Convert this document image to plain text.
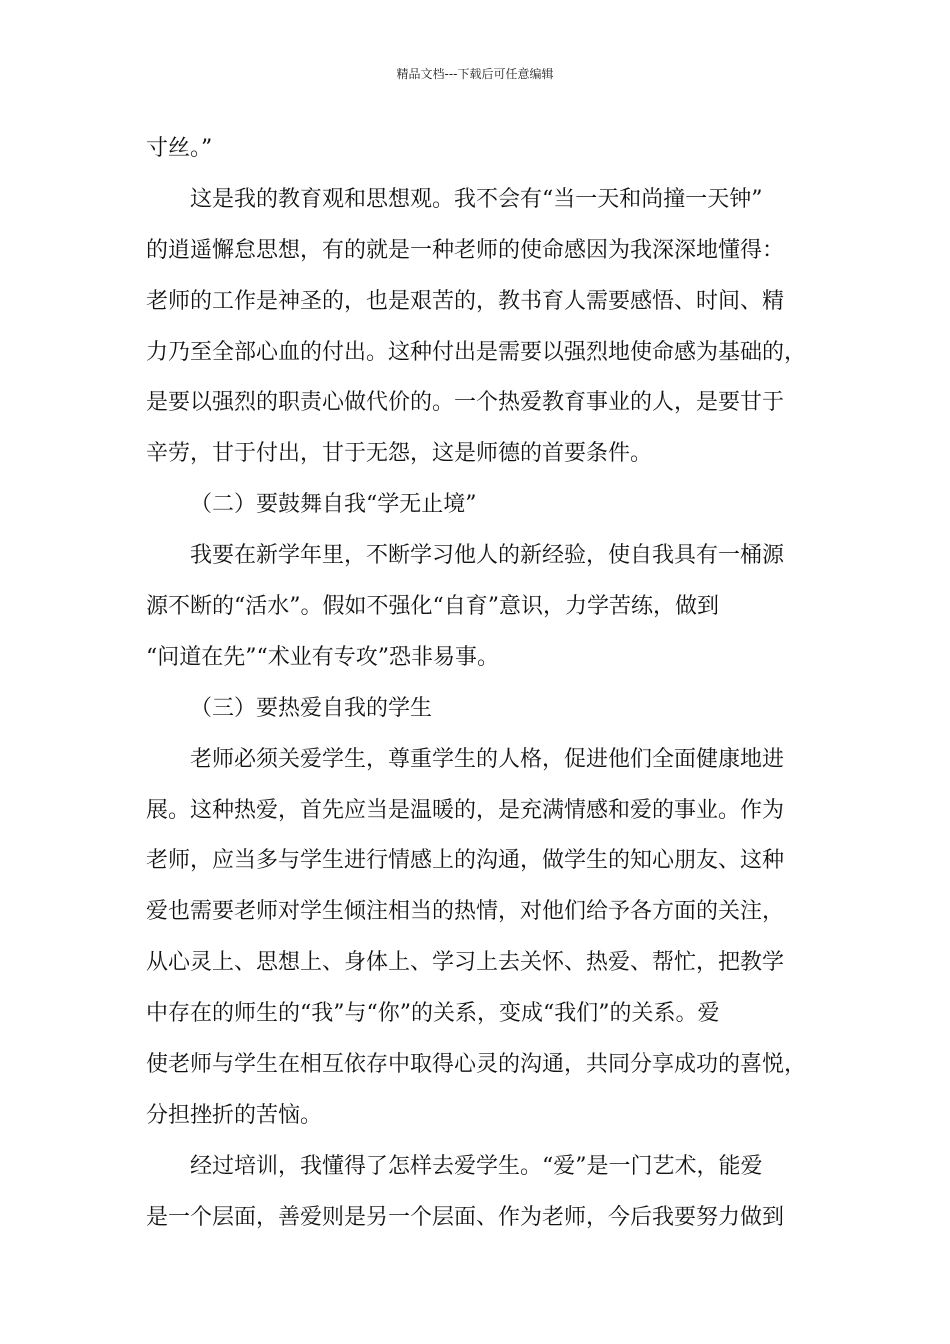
精品文档---下载后可任意编辑
寸丝。”
这是我的教育观和思想观。我不会有“当一天和尚撞一天钟”
的逍遥懈怠思想，有的就是一种老师的使命感因为我深深地懂得：
老师的工作是神圣的，也是艰苦的，教书育人需要感悟、时间、精
力乃至全部心血的付出。这种付出是需要以强烈地使命感为基础的，
是要以强烈的职责心做代价的。一个热爱教育事业的人，是要甘于
辛劳，甘于付出，甘于无怨，这是师德的首要条件。
（二）要鼓舞自我“学无止境”
我要在新学年里，不断学习他人的新经验，使自我具有一桶源
源不断的“活水”。假如不强化“自育”意识，力学苦练，做到
“问道在先”“术业有专攻”恐非易事。
（三）要热爱自我的学生
老师必须关爱学生，尊重学生的人格，促进他们全面健康地进
展。这种热爱，首先应当是温暖的，是充满情感和爱的事业。作为
老师，应当多与学生进行情感上的沟通，做学生的知心朋友、这种
爱也需要老师对学生倾注相当的热情，对他们给予各方面的关注，
从心灵上、思想上、身体上、学习上去关怀、热爱、帮忙，把教学
中存在的师生的“我”与“你”的关系，变成“我们”的关系。爱
使老师与学生在相互依存中取得心灵的沟通，共同分享成功的喜悦，
分担挫折的苦恼。
经过培训，我懂得了怎样去爱学生。“爱”是一门艺术，能爱
是一个层面，善爱则是另一个层面、作为老师，今后我要努力做到
